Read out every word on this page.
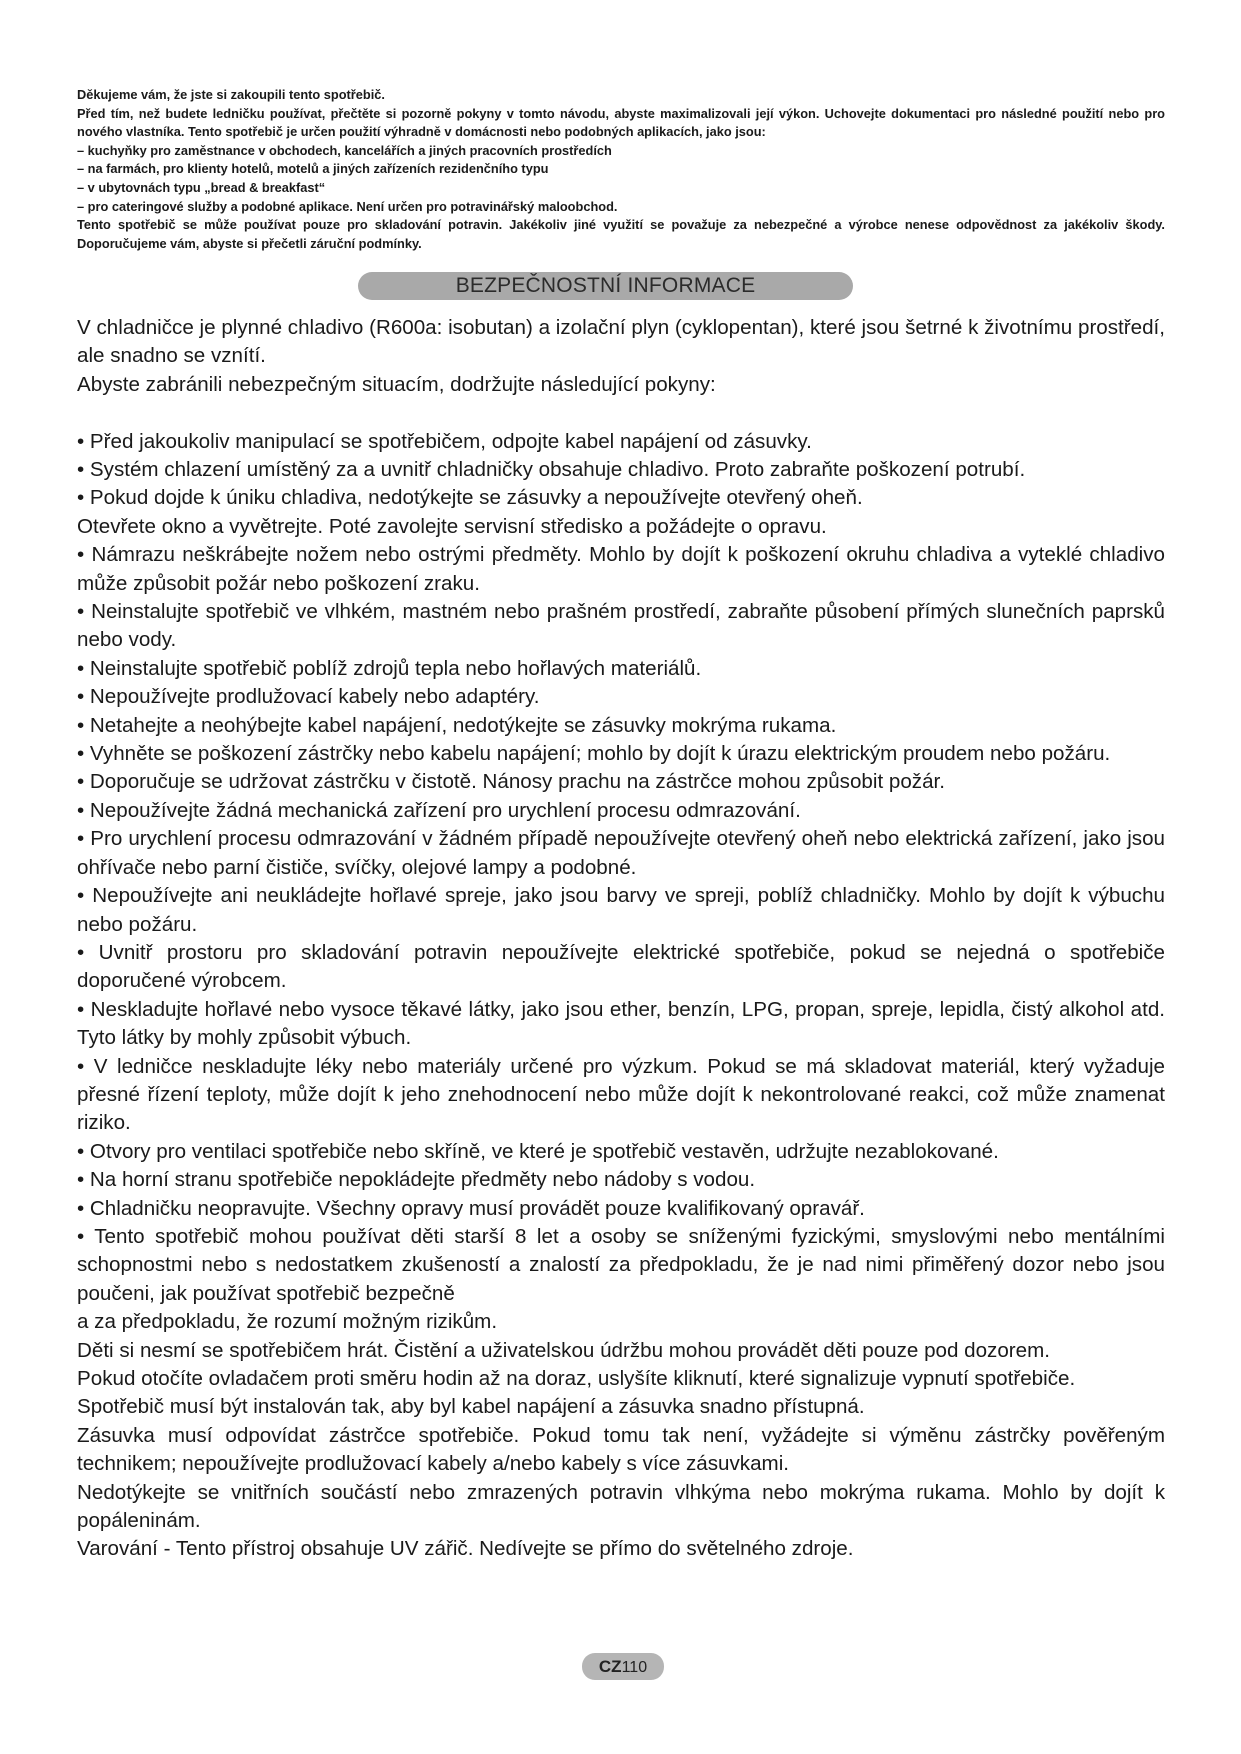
Děkujeme vám, že jste si zakoupili tento spotřebič.

Před tím, než budete ledničku používat, přečtěte si pozorně pokyny v tomto návodu, abyste maximalizovali její výkon. Uchovejte dokumentaci pro následné použití nebo pro nového vlastníka. Tento spotřebič je určen použití výhradně v domácnosti nebo podobných aplikacích, jako jsou:

– kuchyňky pro zaměstnance v obchodech, kancelářích a jiných pracovních prostředích

– na farmách, pro klienty hotelů, motelů a jiných zařízeních rezidenčního typu

– v ubytovnách typu „bread & breakfast“

– pro cateringové služby a podobné aplikace. Není určen pro potravinářský maloobchod.

Tento spotřebič se může používat pouze pro skladování potravin. Jakékoliv jiné využití se považuje za nebezpečné a výrobce nenese odpovědnost za jakékoliv škody. Doporučujeme vám, abyste si přečetli záruční podmínky.

BEZPEČNOSTNÍ INFORMACE

V chladničce je plynné chladivo (R600a: isobutan) a izolační plyn (cyklopentan), které jsou šetrné k životnímu prostředí, ale snadno se vznítí.

Abyste zabránili nebezpečným situacím, dodržujte následující pokyny:

• Před jakoukoliv manipulací se spotřebičem, odpojte kabel napájení od zásuvky.

• Systém chlazení umístěný za a uvnitř chladničky obsahuje chladivo. Proto zabraňte poškození potrubí.

• Pokud dojde k úniku chladiva, nedotýkejte se zásuvky a nepoužívejte otevřený oheň.

Otevřete okno a vyvětrejte. Poté zavolejte servisní středisko a požádejte o opravu.

• Námrazu neškrábejte nožem nebo ostrými předměty. Mohlo by dojít k poškození okruhu chladiva a vyteklé chladivo může způsobit požár nebo poškození zraku.

• Neinstalujte spotřebič ve vlhkém, mastném nebo prašném prostředí, zabraňte působení přímých slunečních paprsků nebo vody.

• Neinstalujte spotřebič poblíž zdrojů tepla nebo hořlavých materiálů.

• Nepoužívejte prodlužovací kabely nebo adaptéry.

• Netahejte a neohýbejte kabel napájení, nedotýkejte se zásuvky mokrýma rukama.

• Vyhněte se poškození zástrčky nebo kabelu napájení; mohlo by dojít k úrazu elektrickým proudem nebo požáru.

• Doporučuje se udržovat zástrčku v čistotě. Nánosy prachu na zástrčce mohou způsobit požár.

• Nepoužívejte žádná mechanická zařízení pro urychlení procesu odmrazování.

• Pro urychlení procesu odmrazování v žádném případě nepoužívejte otevřený oheň nebo elektrická zařízení, jako jsou ohřívače nebo parní čističe, svíčky, olejové lampy a podobné.

• Nepoužívejte ani neukládejte hořlavé spreje, jako jsou barvy ve spreji, poblíž chladničky. Mohlo by dojít k výbuchu nebo požáru.

• Uvnitř prostoru pro skladování potravin nepoužívejte elektrické spotřebiče, pokud se nejedná o spotřebiče doporučené výrobcem.

• Neskladujte hořlavé nebo vysoce těkavé látky, jako jsou ether, benzín, LPG, propan, spreje, lepidla, čistý alkohol atd. Tyto látky by mohly způsobit výbuch.

• V ledničce neskladujte léky nebo materiály určené pro výzkum. Pokud se má skladovat materiál, který vyžaduje přesné řízení teploty, může dojít k jeho znehodnocení nebo může dojít k nekontrolované reakci, což může znamenat riziko.

• Otvory pro ventilaci spotřebiče nebo skříně, ve které je spotřebič vestavěn, udržujte nezablokované.

• Na horní stranu spotřebiče nepokládejte předměty nebo nádoby s vodou.

• Chladničku neopravujte. Všechny opravy musí provádět pouze kvalifikovaný opravář.

• Tento spotřebič mohou používat děti starší 8 let a osoby se sníženými fyzickými, smyslovými nebo mentálními schopnostmi nebo s nedostatkem zkušeností a znalostí za předpokladu, že je nad nimi přiměřený dozor nebo jsou poučeni, jak používat spotřebič bezpečně

a za předpokladu, že rozumí možným rizikům.

Děti si nesmí se spotřebičem hrát. Čistění a uživatelskou údržbu mohou provádět děti pouze pod dozorem.

Pokud otočíte ovladačem proti směru hodin až na doraz, uslyšíte kliknutí, které signalizuje vypnutí spotřebiče.

Spotřebič musí být instalován tak, aby byl kabel napájení a zásuvka snadno přístupná.

Zásuvka musí odpovídat zástrčce spotřebiče. Pokud tomu tak není, vyžádejte si výměnu zástrčky pověřeným technikem; nepoužívejte prodlužovací kabely a/nebo kabely s více zásuvkami.

Nedotýkejte se vnitřních součástí nebo zmrazených potravin vlhkýma nebo mokrýma rukama. Mohlo by dojít k popáleninám.

Varování - Tento přístroj obsahuje UV zářič. Nedívejte se přímo do světelného zdroje.

CZ110
